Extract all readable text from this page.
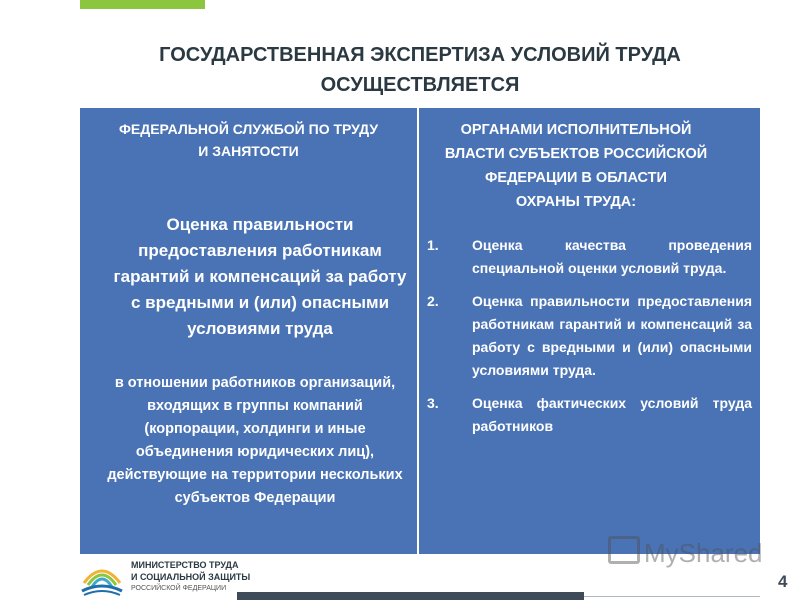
ГОСУДАРСТВЕННАЯ ЭКСПЕРТИЗА УСЛОВИЙ ТРУДА
ОСУЩЕСТВЛЯЕТСЯ
ФЕДЕРАЛЬНОЙ СЛУЖБОЙ ПО ТРУДУ
И ЗАНЯТОСТИ
Оценка правильности предоставления работникам гарантий и компенсаций за работу с вредными и (или) опасными условиями труда
в отношении работников организаций, входящих в группы компаний (корпорации, холдинги и иные объединения юридических лиц), действующие на территории нескольких субъектов Федерации
ОРГАНАМИ ИСПОЛНИТЕЛЬНОЙ
ВЛАСТИ СУБЪЕКТОВ РОССИЙСКОЙ
ФЕДЕРАЦИИ В ОБЛАСТИ
ОХРАНЫ ТРУДА:
1. Оценка качества проведения специальной оценки условий труда.
2. Оценка правильности предоставления работникам гарантий и компенсаций за работу с вредными и (или) опасными условиями труда.
3. Оценка фактических условий труда работников
МИНИСТЕРСТВО ТРУДА
И СОЦИАЛЬНОЙ ЗАЩИТЫ
РОССИЙСКОЙ ФЕДЕРАЦИИ
MyShared
4
